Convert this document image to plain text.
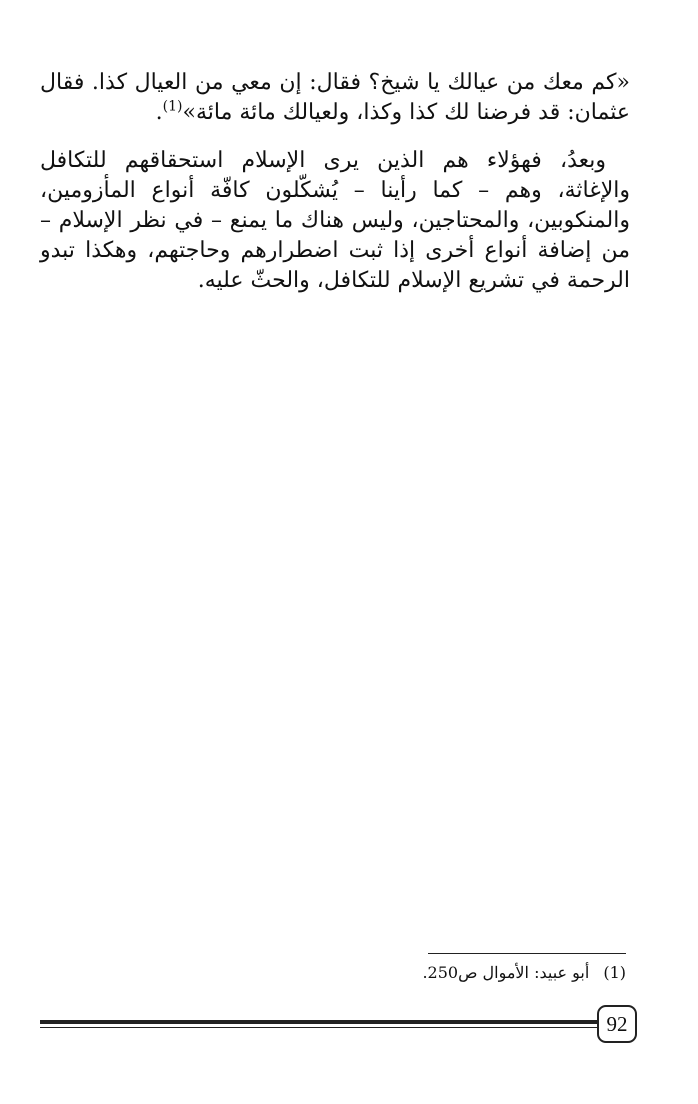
«كم معك من عيالك يا شيخ؟ فقال: إن معي من العيال كذا. فقال عثمان: قد فرضنا لك كذا وكذا، ولعيالك مائة مائة»$^{(1)}$.

وبعدُ، فهؤلاء هم الذين يرى الإسلام استحقاقهم للتكافل والإغاثة، وهم – كما رأينا – يُشكّلون كافّة أنواع المأزومين، والمنكوبين، والمحتاجين، وليس هناك ما يمنع – في نظر الإسلام – من إضافة أنواع أخرى إذا ثبت اضطرارهم وحاجتهم، وهكذا تبدو الرحمة في تشريع الإسلام للتكافل، والحثّ عليه.

(1)أبو عبيد: الأموال ص250.
92
